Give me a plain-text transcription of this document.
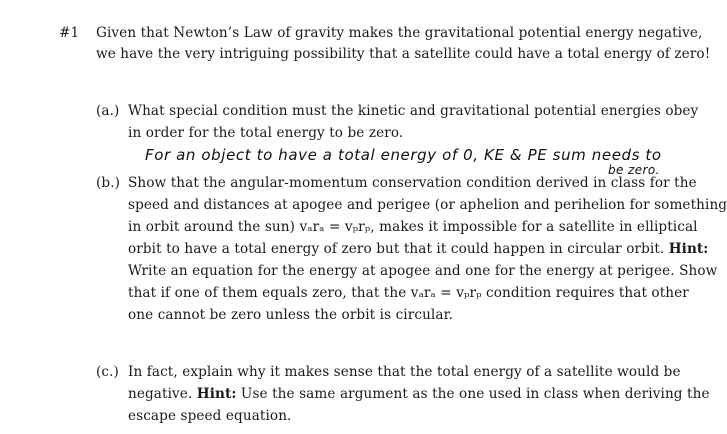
#1 Given that Newton’s Law of gravity makes the gravitational potential energy negative,
we have the very intriguing possibility that a satellite could have a total energy of zero!
(a.) What special condition must the kinetic and gravitational potential energies obey
in order for the total energy to be zero.
For an object to have a total energy of 0, KE & PE sum needs to
be zero.
(b.) Show that the angular-momentum conservation condition derived in class for the
speed and distances at apogee and perigee (or aphelion and perihelion for something
in orbit around the sun) vₐrₐ = vₚrₚ, makes it impossible for a satellite in elliptical
orbit to have a total energy of zero but that it could happen in circular orbit. Hint:
Write an equation for the energy at apogee and one for the energy at perigee. Show
that if one of them equals zero, that the vₐrₐ = vₚrₚ condition requires that other
one cannot be zero unless the orbit is circular.
(c.) In fact, explain why it makes sense that the total energy of a satellite would be
negative. Hint: Use the same argument as the one used in class when deriving the
escape speed equation.
